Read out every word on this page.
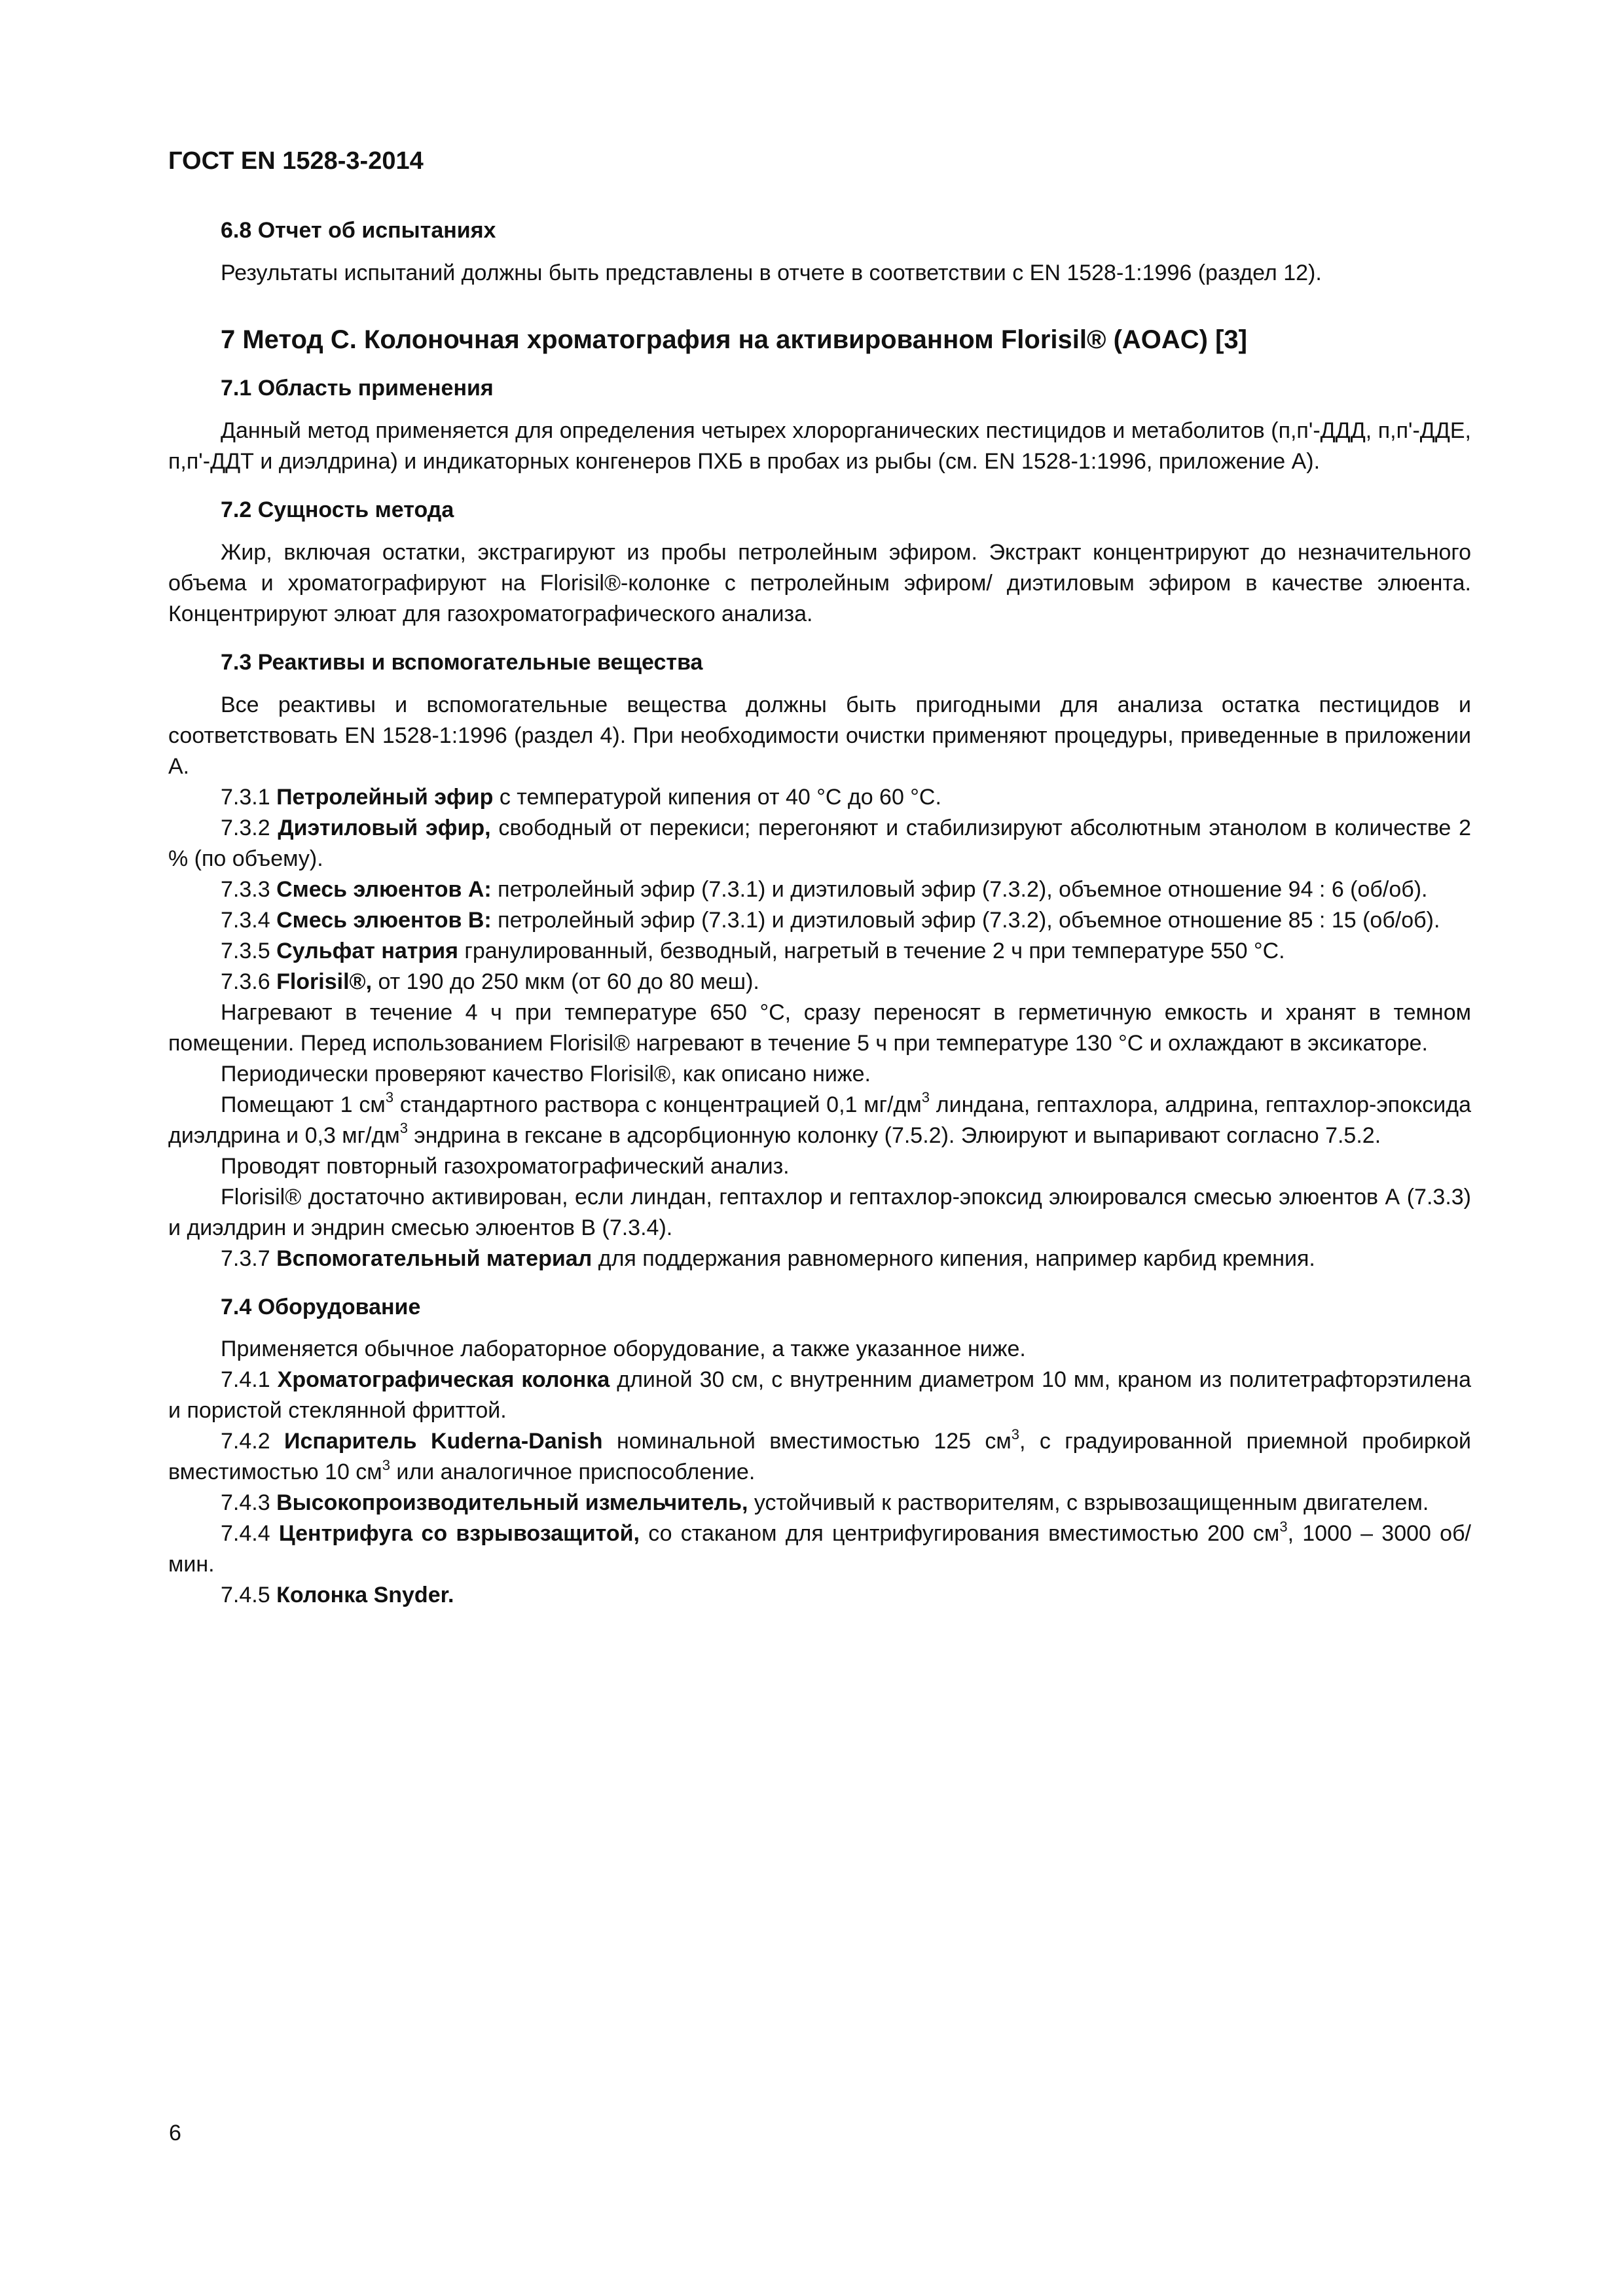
ГОСТ EN 1528-3-2014
6.8 Отчет об испытаниях

Результаты испытаний должны быть представлены в отчете в соответствии с EN 1528-1:1996 (раздел 12).

7 Метод С. Колоночная хроматография на активированном Florisil® (AOAC) [3]
7.1 Область применения

Данный метод применяется для определения четырех хлорорганических пестицидов и метаболитов (п,п'-ДДД, п,п'-ДДЕ, п,п'-ДДТ и диэлдрина) и индикаторных конгенеров ПХБ в пробах из рыбы (см. EN 1528-1:1996, приложение А).

7.2 Сущность метода

Жир, включая остатки, экстрагируют из пробы петролейным эфиром. Экстракт концентрируют до незначительного объема и хроматографируют на Florisil®-колонке с петролейным эфиром/ диэтиловым эфиром в качестве элюента. Концентрируют элюат для газохроматографического анализа.

7.3 Реактивы и вспомогательные вещества

Все реактивы и вспомогательные вещества должны быть пригодными для анализа остатка пестицидов и соответствовать EN 1528-1:1996 (раздел 4). При необходимости очистки применяют процедуры, приведенные в приложении А.

7.3.1 Петролейный эфир с температурой кипения от 40 °С до 60 °С.

7.3.2 Диэтиловый эфир, свободный от перекиси; перегоняют и стабилизируют абсолютным этанолом в количестве 2 % (по объему).

7.3.3 Смесь элюентов А: петролейный эфир (7.3.1) и диэтиловый эфир (7.3.2), объемное отношение 94 : 6 (об/об).

7.3.4 Смесь элюентов В: петролейный эфир (7.3.1) и диэтиловый эфир (7.3.2), объемное отношение 85 : 15 (об/об).

7.3.5 Сульфат натрия гранулированный, безводный, нагретый в течение 2 ч при температуре 550 °С.

7.3.6 Florisil®, от 190 до 250 мкм (от 60 до 80 меш).

Нагревают в течение 4 ч при температуре 650 °С, сразу переносят в герметичную емкость и хранят в темном помещении. Перед использованием Florisil® нагревают в течение 5 ч при температуре 130 °С и охлаждают в эксикаторе.

Периодически проверяют качество Florisil®, как описано ниже.

Помещают 1 $см^3$ стандартного раствора с концентрацией 0,1 $мг/дм^3$ линдана, гептахлора, алдрина, гептахлор-эпоксида диэлдрина и 0,3 $мг/дм^3$ эндрина в гексане в адсорбционную колонку (7.5.2). Элюируют и выпаривают согласно 7.5.2.

Проводят повторный газохроматографический анализ.

Florisil® достаточно активирован, если линдан, гептахлор и гептахлор-эпоксид элюировался смесью элюентов А (7.3.3) и диэлдрин и эндрин смесью элюентов В (7.3.4).

7.3.7 Вспомогательный материал для поддержания равномерного кипения, например карбид кремния.

7.4 Оборудование

Применяется обычное лабораторное оборудование, а также указанное ниже.

7.4.1 Хроматографическая колонка длиной 30 см, с внутренним диаметром 10 мм, краном из политетрафторэтилена и пористой стеклянной фриттой.

7.4.2 Испаритель Kuderna-Danish номинальной вместимостью 125 $см^3$, с градуированной приемной пробиркой вместимостью 10 $см^3$ или аналогичное приспособление.

7.4.3 Высокопроизводительный измельчитель, устойчивый к растворителям, с взрывозащищенным двигателем.

7.4.4 Центрифуга со взрывозащитой, со стаканом для центрифугирования вместимостью 200 $см^3$, 1000 – 3000 об/мин.

7.4.5 Колонка Snyder.

6
